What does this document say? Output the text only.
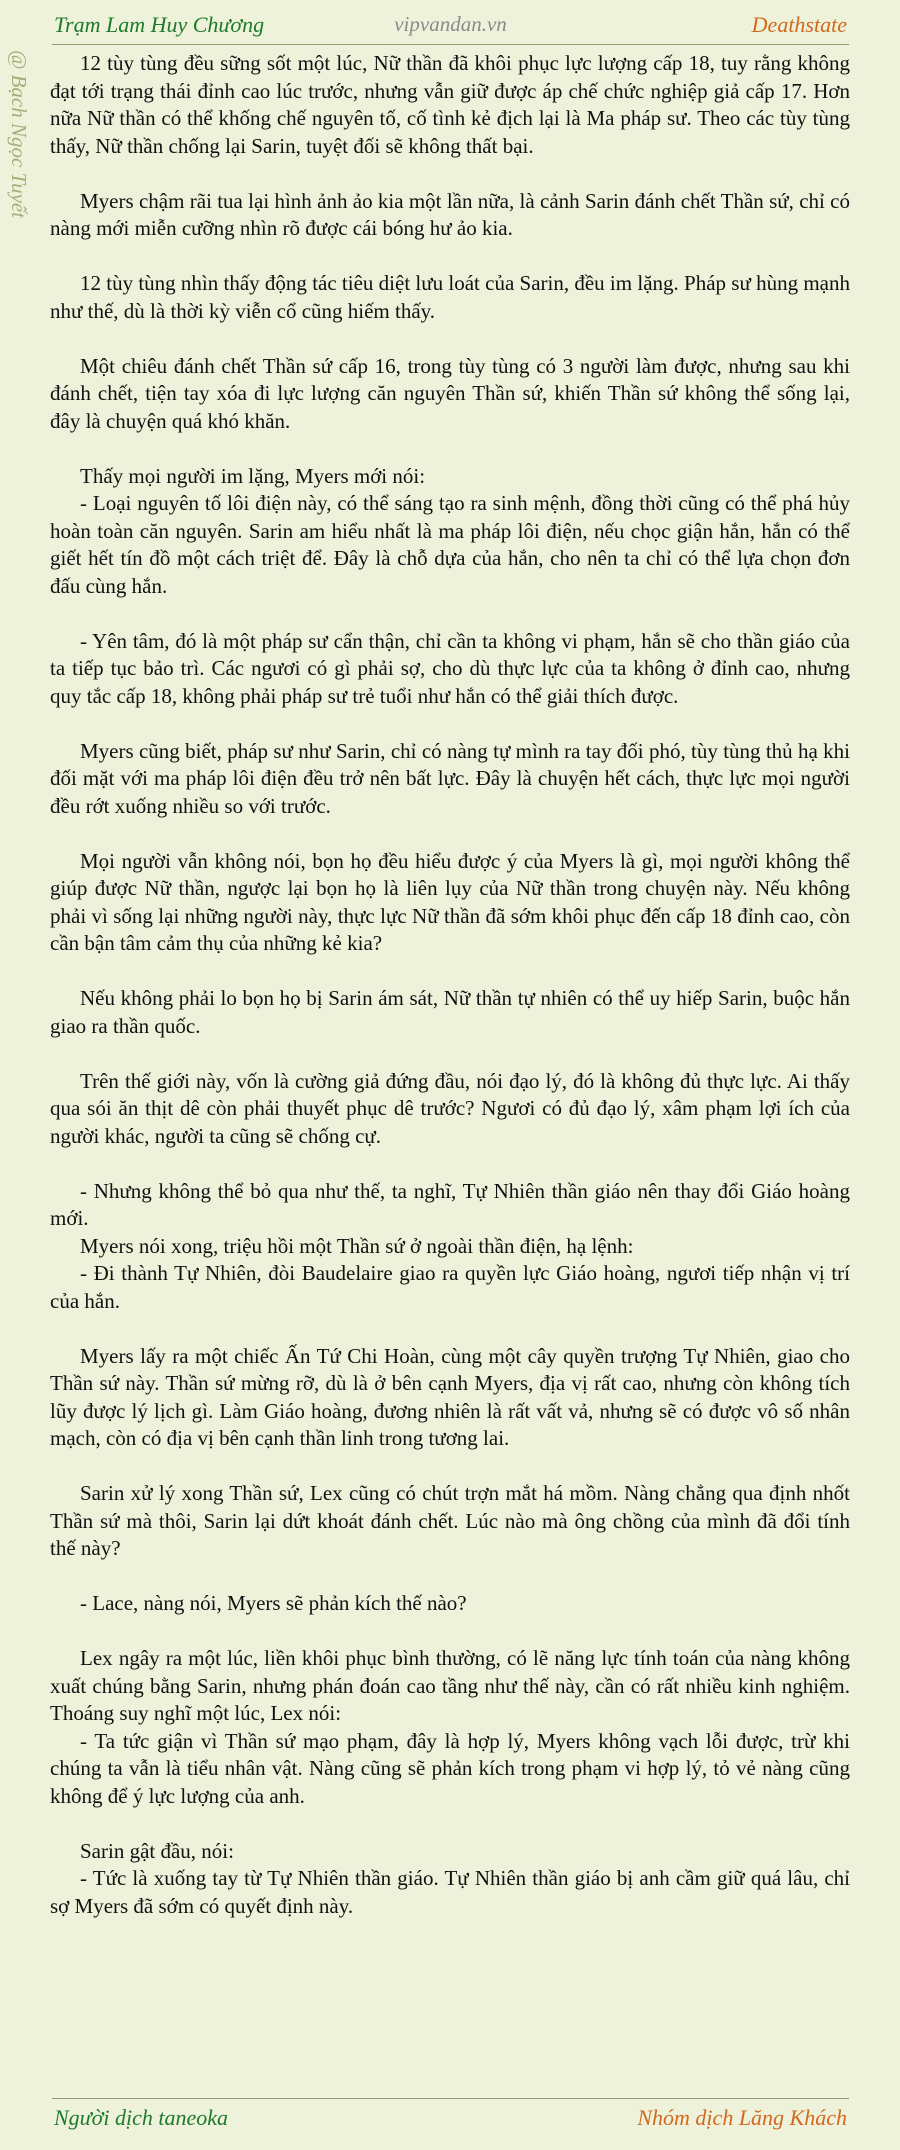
Trạm Lam Huy Chương	vipvandan.vn	Deathstate
@ Bạch Ngọc Tuyết	12 tùy tùng đều sững sốt một lúc, Nữ thần đã khôi phục lực lượng cấp 18, tuy rằng không đạt tới trạng thái đỉnh cao lúc trước, nhưng vẫn giữ được áp chế chức nghiệp giả cấp 17. Hơn nữa Nữ thần có thể khống chế nguyên tố, cố tình kẻ địch lại là Ma pháp sư. Theo các tùy tùng thấy, Nữ thần chống lại Sarin, tuyệt đối sẽ không thất bại.

Myers chậm rãi tua lại hình ảnh ảo kia một lần nữa, là cảnh Sarin đánh chết Thần sứ, chỉ có nàng mới miễn cưỡng nhìn rõ được cái bóng hư ảo kia.

12 tùy tùng nhìn thấy động tác tiêu diệt lưu loát của Sarin, đều im lặng. Pháp sư hùng mạnh như thế, dù là thời kỳ viễn cổ cũng hiếm thấy.

Một chiêu đánh chết Thần sứ cấp 16, trong tùy tùng có 3 người làm được, nhưng sau khi đánh chết, tiện tay xóa đi lực lượng căn nguyên Thần sứ, khiến Thần sứ không thể sống lại, đây là chuyện quá khó khăn.

Thấy mọi người im lặng, Myers mới nói:

- Loại nguyên tố lôi điện này, có thể sáng tạo ra sinh mệnh, đồng thời cũng có thể phá hủy hoàn toàn căn nguyên. Sarin am hiểu nhất là ma pháp lôi điện, nếu chọc giận hắn, hắn có thể giết hết tín đồ một cách triệt để. Đây là chỗ dựa của hắn, cho nên ta chỉ có thể lựa chọn đơn đấu cùng hắn.

- Yên tâm, đó là một pháp sư cẩn thận, chỉ cần ta không vi phạm, hắn sẽ cho thần giáo của ta tiếp tục bảo trì. Các ngươi có gì phải sợ, cho dù thực lực của ta không ở đỉnh cao, nhưng quy tắc cấp 18, không phải pháp sư trẻ tuổi như hắn có thể giải thích được.

Myers cũng biết, pháp sư như Sarin, chỉ có nàng tự mình ra tay đối phó, tùy tùng thủ hạ khi đối mặt với ma pháp lôi điện đều trở nên bất lực. Đây là chuyện hết cách, thực lực mọi người đều rớt xuống nhiều so với trước.

Mọi người vẫn không nói, bọn họ đều hiểu được ý của Myers là gì, mọi người không thể giúp được Nữ thần, ngược lại bọn họ là liên lụy của Nữ thần trong chuyện này. Nếu không phải vì sống lại những người này, thực lực Nữ thần đã sớm khôi phục đến cấp 18 đỉnh cao, còn cần bận tâm cảm thụ của những kẻ kia?

Nếu không phải lo bọn họ bị Sarin ám sát, Nữ thần tự nhiên có thể uy hiếp Sarin, buộc hắn giao ra thần quốc.

Trên thế giới này, vốn là cường giả đứng đầu, nói đạo lý, đó là không đủ thực lực. Ai thấy qua sói ăn thịt dê còn phải thuyết phục dê trước? Ngươi có đủ đạo lý, xâm phạm lợi ích của người khác, người ta cũng sẽ chống cự.

- Nhưng không thể bỏ qua như thế, ta nghĩ, Tự Nhiên thần giáo nên thay đổi Giáo hoàng mới.

Myers nói xong, triệu hồi một Thần sứ ở ngoài thần điện, hạ lệnh:

- Đi thành Tự Nhiên, đòi Baudelaire giao ra quyền lực Giáo hoàng, ngươi tiếp nhận vị trí của hắn.

Myers lấy ra một chiếc Ấn Tứ Chi Hoàn, cùng một cây quyền trượng Tự Nhiên, giao cho Thần sứ này. Thần sứ mừng rỡ, dù là ở bên cạnh Myers, địa vị rất cao, nhưng còn không tích lũy được lý lịch gì. Làm Giáo hoàng, đương nhiên là rất vất vả, nhưng sẽ có được vô số nhân mạch, còn có địa vị bên cạnh thần linh trong tương lai.

Sarin xử lý xong Thần sứ, Lex cũng có chút trợn mắt há mồm. Nàng chẳng qua định nhốt Thần sứ mà thôi, Sarin lại dứt khoát đánh chết. Lúc nào mà ông chồng của mình đã đổi tính thế này?

- Lace, nàng nói, Myers sẽ phản kích thế nào?

Lex ngây ra một lúc, liền khôi phục bình thường, có lẽ năng lực tính toán của nàng không xuất chúng bằng Sarin, nhưng phán đoán cao tầng như thế này, cần có rất nhiều kinh nghiệm. Thoáng suy nghĩ một lúc, Lex nói:

- Ta tức giận vì Thần sứ mạo phạm, đây là hợp lý, Myers không vạch lỗi được, trừ khi chúng ta vẫn là tiểu nhân vật. Nàng cũng sẽ phản kích trong phạm vi hợp lý, tỏ vẻ nàng cũng không để ý lực lượng của anh.

Sarin gật đầu, nói:

- Tức là xuống tay từ Tự Nhiên thần giáo. Tự Nhiên thần giáo bị anh cầm giữ quá lâu, chỉ sợ Myers đã sớm có quyết định này.

Người dịch taneoka	Nhóm dịch Lăng Khách
